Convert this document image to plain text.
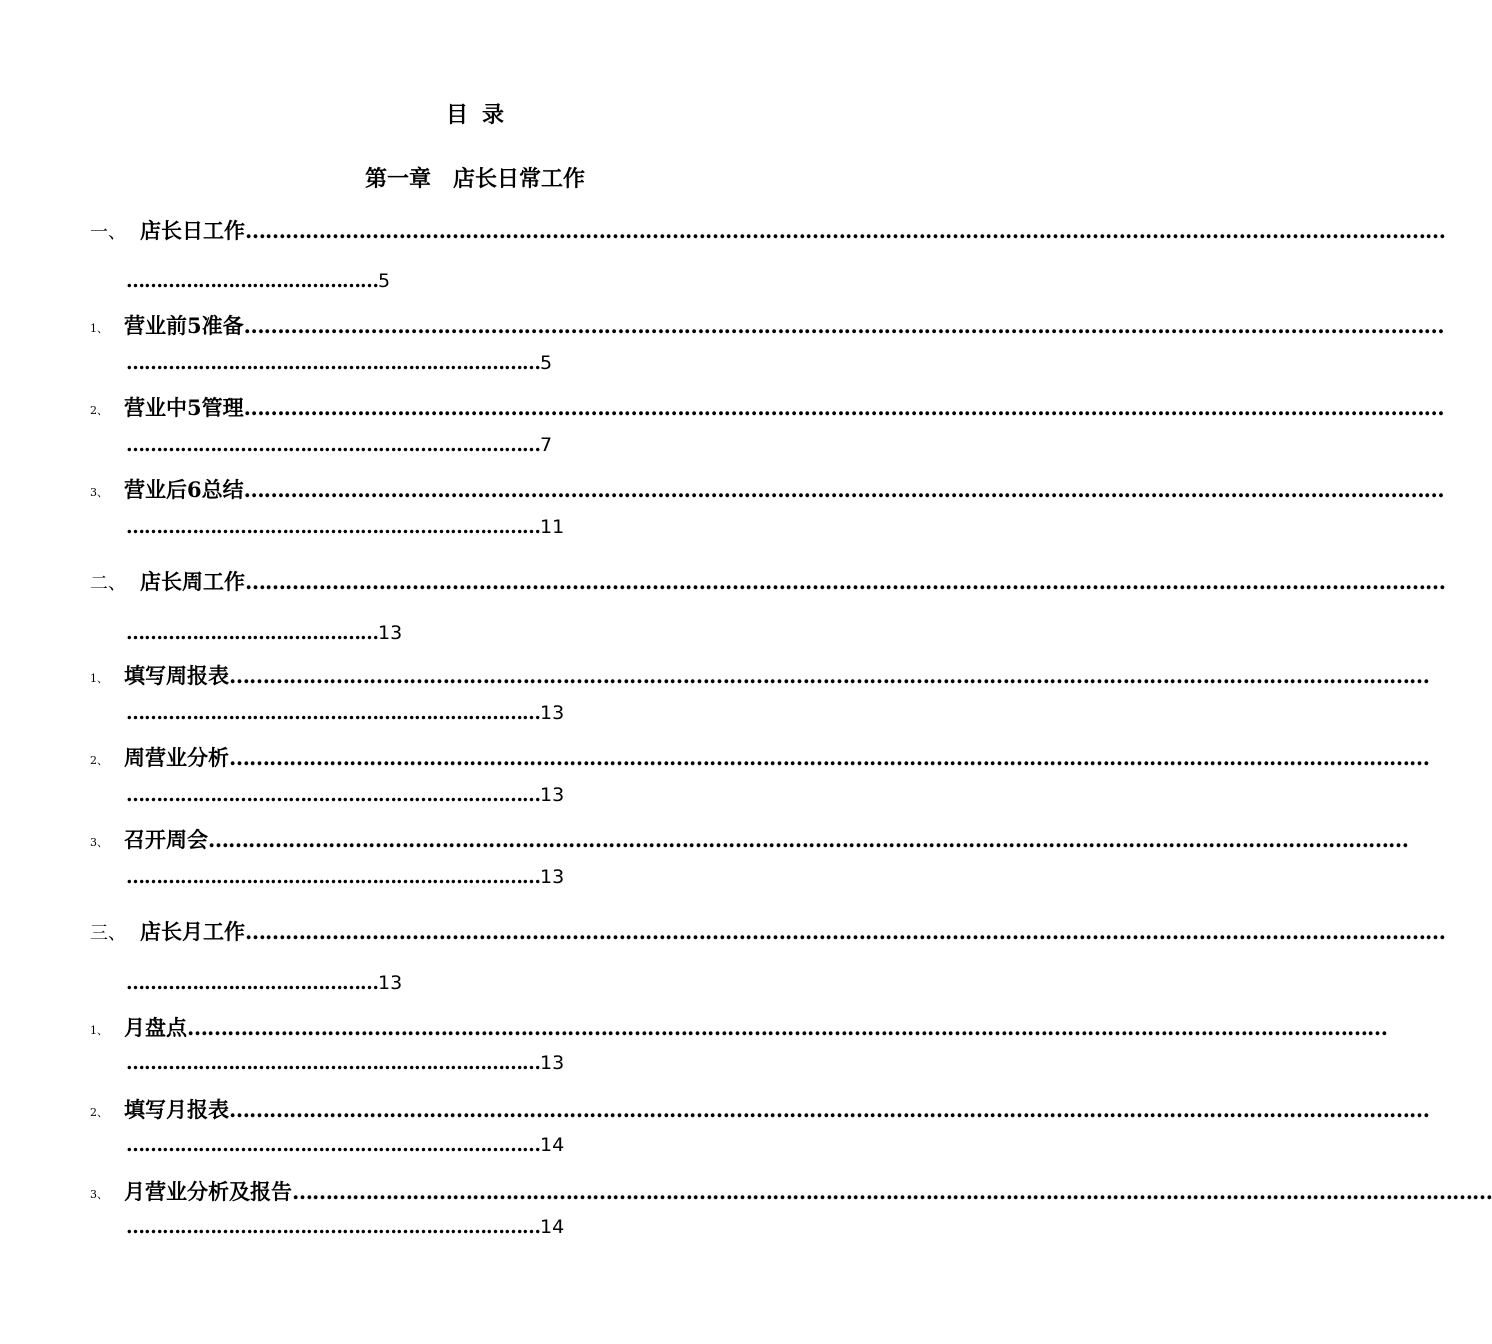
目录
第一章 店长日常工作
一、 店长日工作………………………………………………………………………………………………………………………………………………………………
……………………………………5
1、 营业前5准备………………………………………………………………………………………………………………………………………………………………
……………………………………………………………5
2、 营业中5管理………………………………………………………………………………………………………………………………………………………………
……………………………………………………………7
3、 营业后6总结………………………………………………………………………………………………………………………………………………………………
……………………………………………………………11
二、 店长周工作………………………………………………………………………………………………………………………………………………………………
……………………………………13
1、 填写周报表………………………………………………………………………………………………………………………………………………………………
……………………………………………………………13
2、 周营业分析………………………………………………………………………………………………………………………………………………………………
……………………………………………………………13
3、 召开周会………………………………………………………………………………………………………………………………………………………………
……………………………………………………………13
三、 店长月工作………………………………………………………………………………………………………………………………………………………………
……………………………………13
1、 月盘点………………………………………………………………………………………………………………………………………………………………
……………………………………………………………13
2、 填写月报表………………………………………………………………………………………………………………………………………………………………
……………………………………………………………14
3、 月营业分析及报告………………………………………………………………………………………………………………………………………………………………
……………………………………………………………14
